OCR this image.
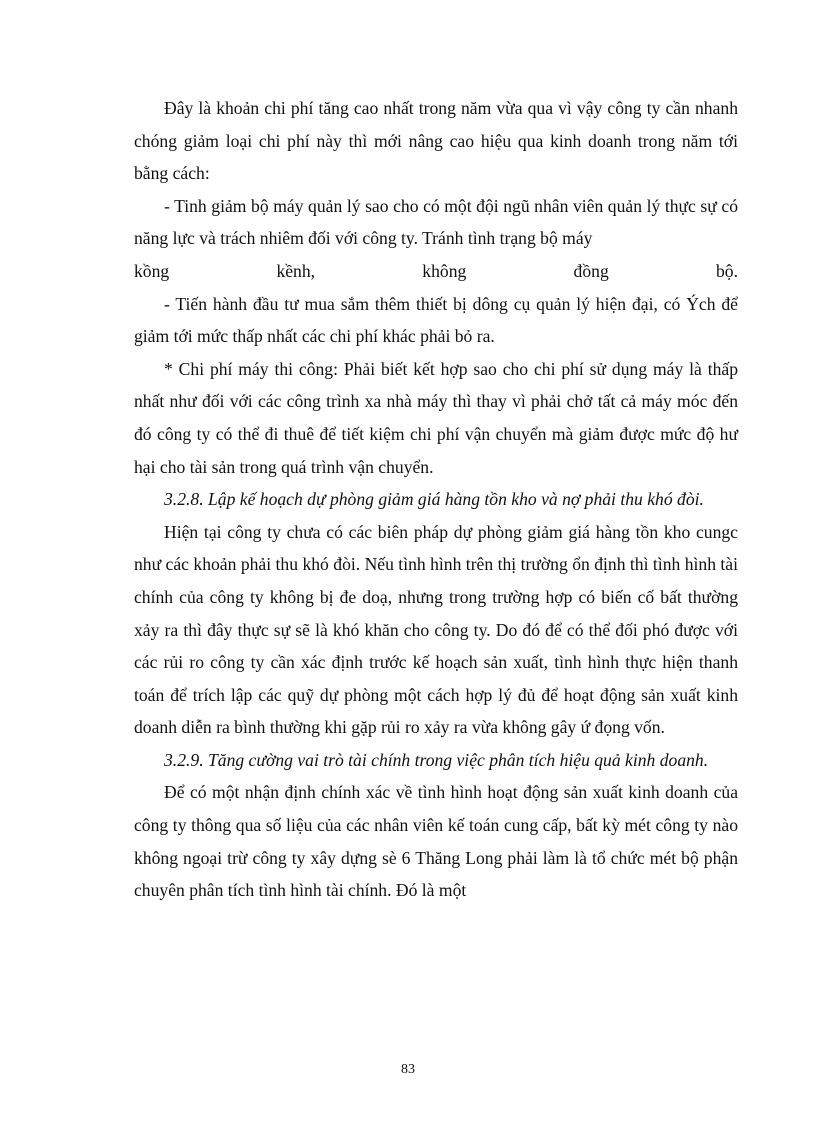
Đây là khoản chi phí tăng cao nhất trong năm vừa qua vì vậy công ty cần nhanh chóng giảm loại chi phí này thì mới nâng cao hiệu qua kinh doanh trong năm tới bằng cách:

- Tinh giảm bộ máy quản lý sao cho có một đội ngũ nhân viên quản lý thực sự có năng lực và trách nhiêm đối với công ty. Tránh tình trạng bộ máy

kồng kềnh, không đồng bộ.

- Tiến hành đầu tư mua sắm thêm thiết bị dông cụ quản lý hiện đại, có Ých để giảm tới mức thấp nhất các chi phí khác phải bỏ ra.

* Chi phí máy thi công: Phải biết kết hợp sao cho chi phí sử dụng máy là thấp nhất như đối với các công trình xa nhà máy thì thay vì phải chở tất cả máy móc đến đó công ty có thể đi thuê để tiết kiệm chi phí vận chuyển mà giảm được mức độ hư hại cho tài sản trong quá trình vận chuyển.

3.2.8. Lập kế hoạch dự phòng giảm giá hàng tồn kho và nợ phải thu khó đòi.

Hiện tại công ty chưa có các biên pháp dự phòng giảm giá hàng tồn kho cungc như các khoản phải thu khó đòi. Nếu tình hình trên thị trường ổn định thì tình hình tài chính của công ty không bị đe doạ, nhưng trong trường hợp có biến cố bất thường xảy ra thì đây thực sự sẽ là khó khăn cho công ty. Do đó để có thể đối phó được với các rủi ro công ty cần xác định trước kế hoạch sản xuất, tình hình thực hiện thanh toán để trích lập các quỹ dự phòng một cách hợp lý đủ để hoạt động sản xuất kinh doanh diễn ra bình thường khi gặp rủi ro xảy ra vừa không gây ứ đọng vốn.

3.2.9. Tăng cường vai trò tài chính trong việc phân tích hiệu quả kinh doanh.

Để có một nhận định chính xác về tình hình hoạt động sản xuất kinh doanh của công ty thông qua số liệu của các nhân viên kế toán cung cấp, bất kỳ mét công ty nào không ngoại trừ công ty xây dựng sè 6 Thăng Long phải làm là tổ chức mét bộ phận chuyên phân tích tình hình tài chính. Đó là một

83
